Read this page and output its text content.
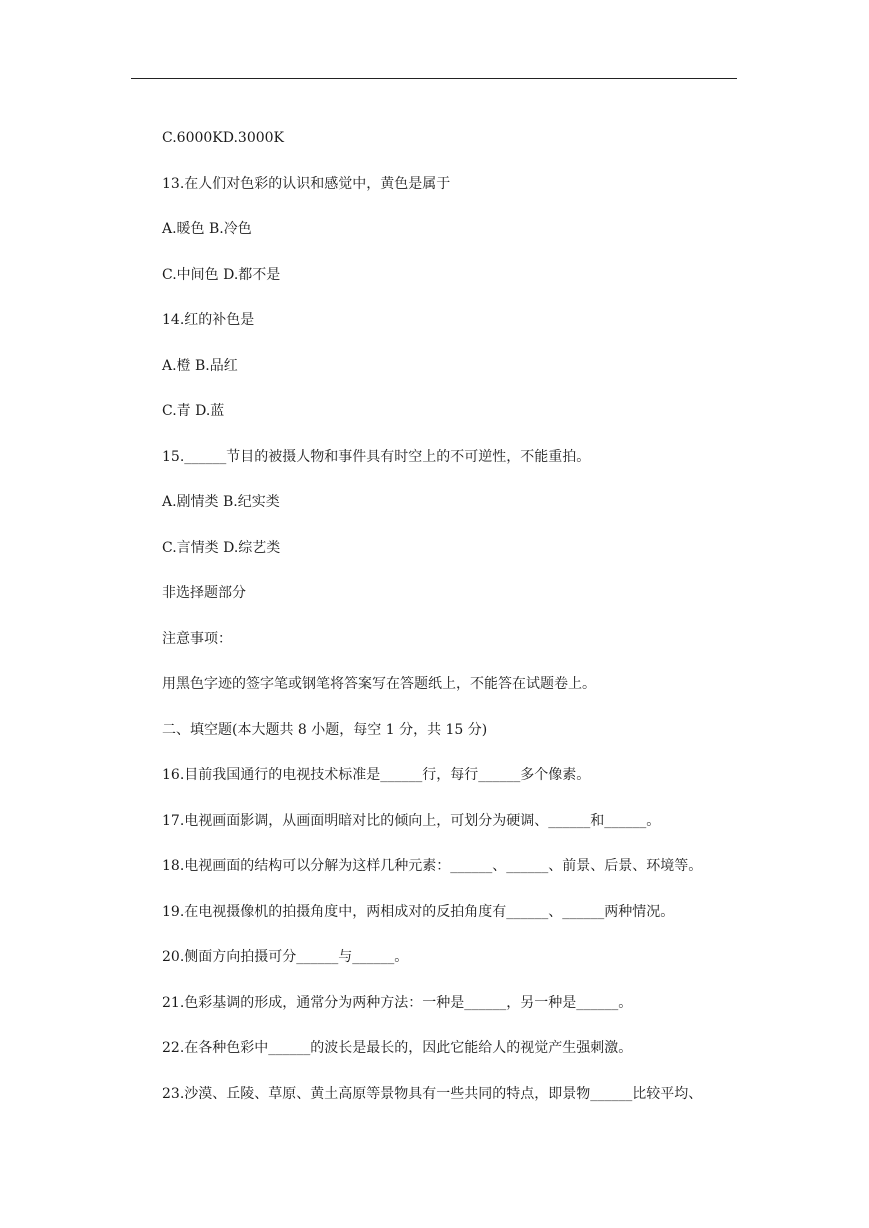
C.6000KD.3000K

13.在人们对色彩的认识和感觉中，黄色是属于

A.暖色 B.冷色

C.中间色 D.都不是

14.红的补色是

A.橙 B.品红

C.青 D.蓝

15.______节目的被摄人物和事件具有时空上的不可逆性，不能重拍。

A.剧情类 B.纪实类

C.言情类 D.综艺类

非选择题部分

注意事项：

用黑色字迹的签字笔或钢笔将答案写在答题纸上，不能答在试题卷上。

二、填空题(本大题共 8 小题，每空 1 分，共 15 分)

16.目前我国通行的电视技术标准是______行，每行______多个像素。

17.电视画面影调，从画面明暗对比的倾向上，可划分为硬调、______和______。

18.电视画面的结构可以分解为这样几种元素：______、______、前景、后景、环境等。

19.在电视摄像机的拍摄角度中，两相成对的反拍角度有______、______两种情况。

20.侧面方向拍摄可分______与______。

21.色彩基调的形成，通常分为两种方法：一种是______，另一种是______。

22.在各种色彩中______的波长是最长的，因此它能给人的视觉产生强刺激。

23.沙漠、丘陵、草原、黄土高原等景物具有一些共同的特点，即景物______比较平均、
